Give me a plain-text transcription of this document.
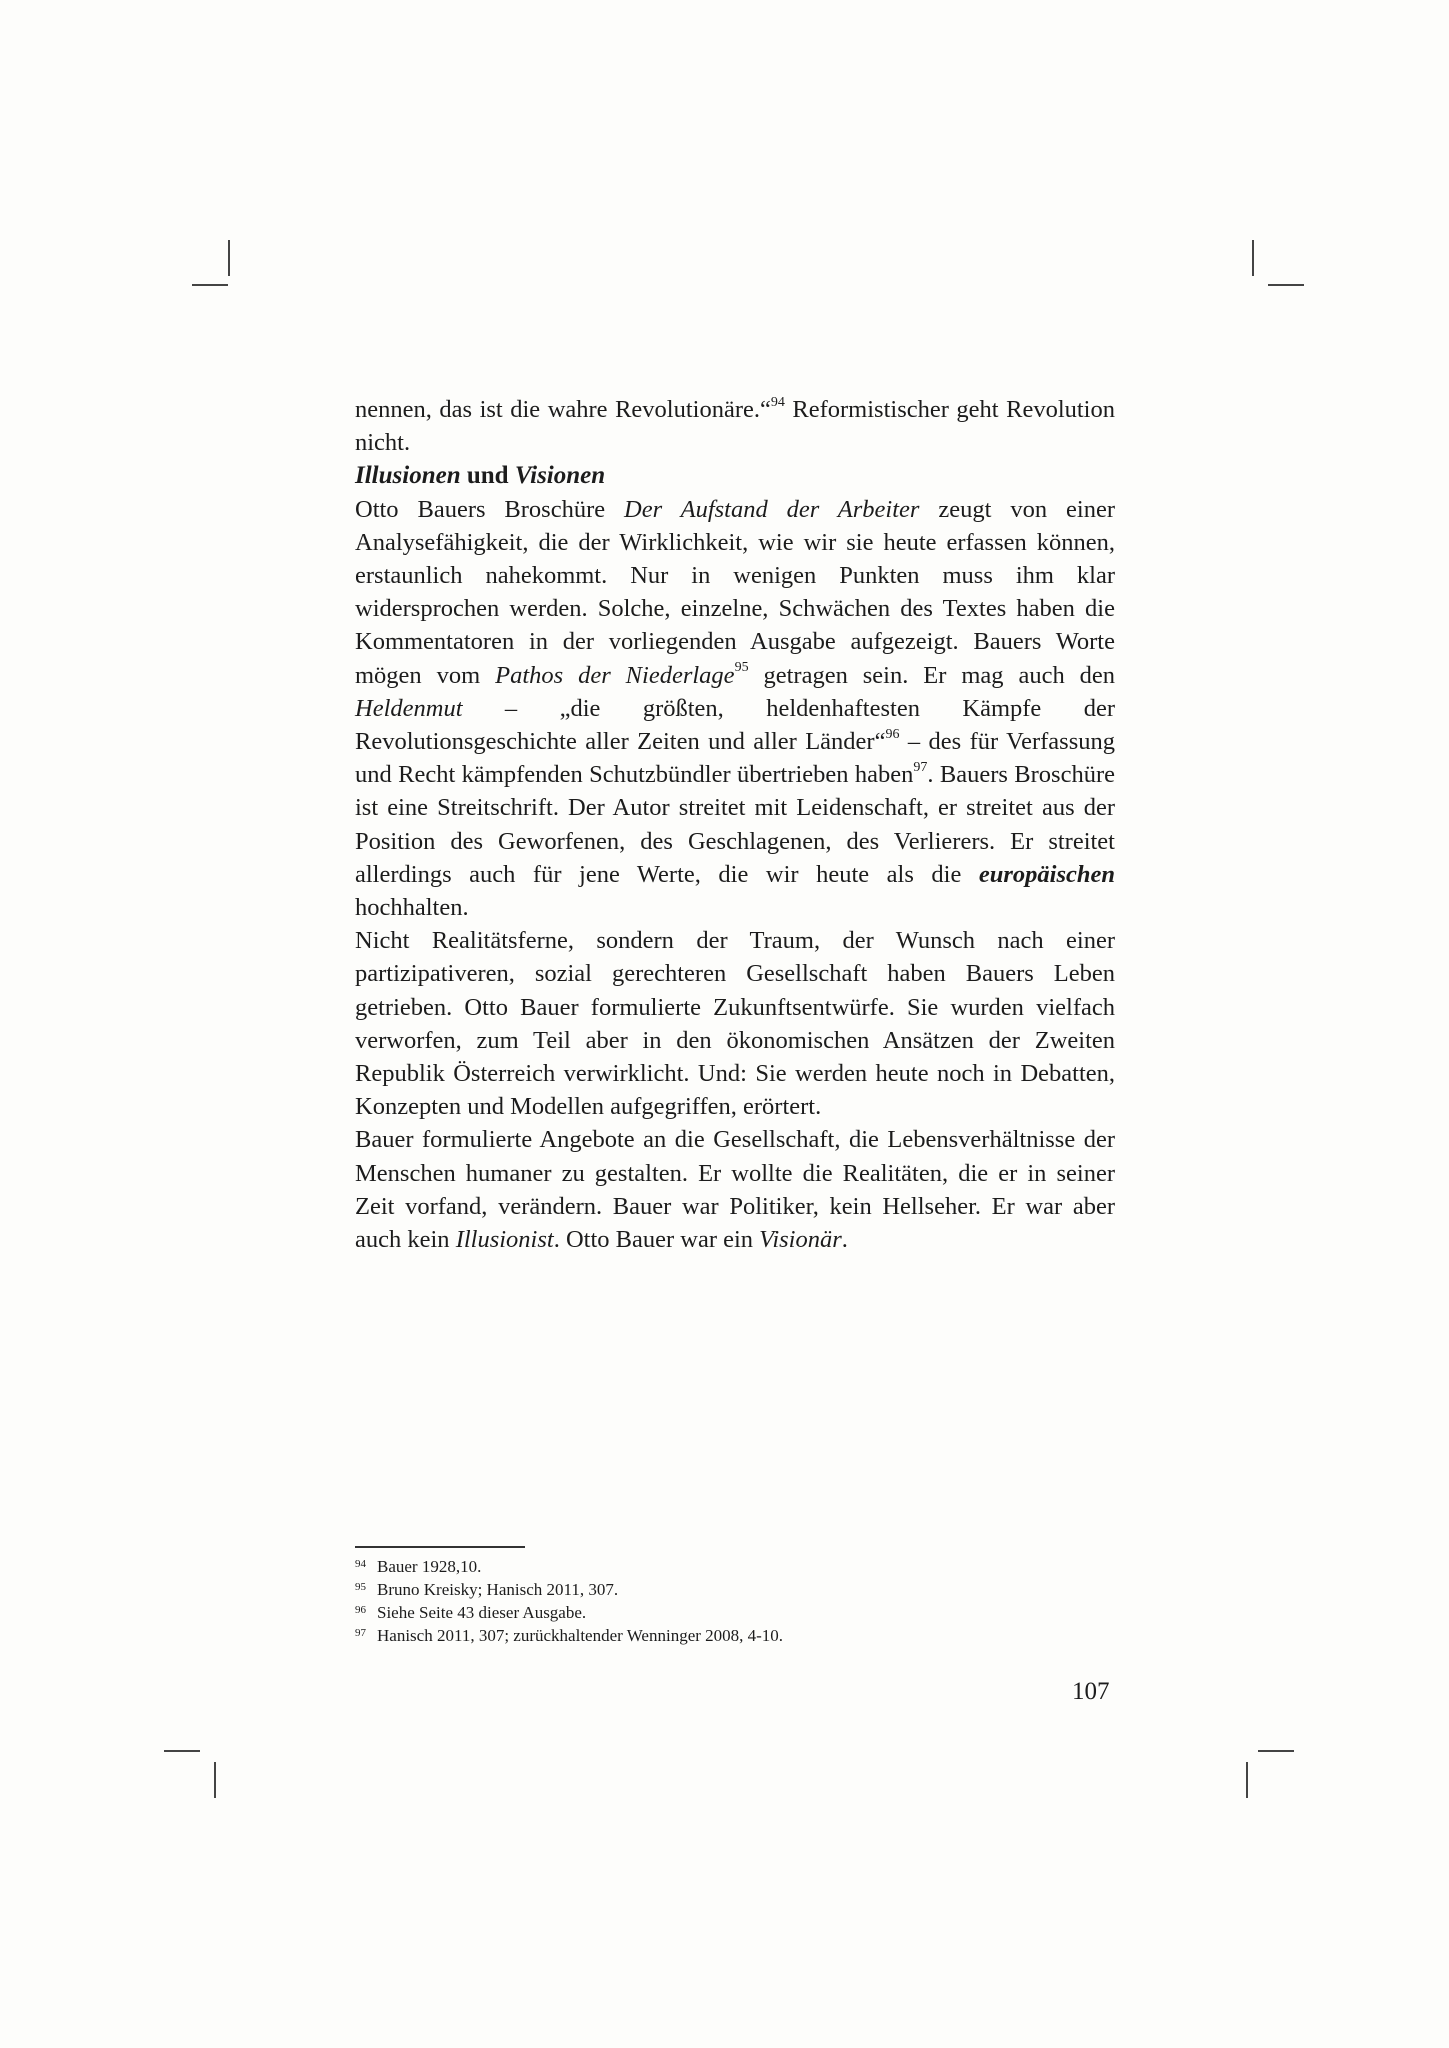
nennen, das ist die wahre Revolutionäre.“$^{94}$ Reformistischer geht Revolution nicht.

Illusionen und Visionen

Otto Bauers Broschüre Der Aufstand der Arbeiter zeugt von einer Analysefähigkeit, die der Wirklichkeit, wie wir sie heute erfassen können, erstaunlich nahekommt. Nur in wenigen Punkten muss ihm klar widersprochen werden. Solche, einzelne, Schwächen des Textes haben die Kommentatoren in der vorliegenden Ausgabe aufgezeigt. Bauers Worte mögen vom Pathos der Niederlage$^{95}$ getragen sein. Er mag auch den Heldenmut – „die größten, heldenhaftesten Kämpfe der Revolutionsgeschichte aller Zeiten und aller Länder“$^{96}$ – des für Verfassung und Recht kämpfenden Schutzbündler übertrieben haben$^{97}$. Bauers Broschüre ist eine Streitschrift. Der Autor streitet mit Leidenschaft, er streitet aus der Position des Geworfenen, des Geschlagenen, des Verlierers. Er streitet allerdings auch für jene Werte, die wir heute als die europäischen hochhalten.

Nicht Realitätsferne, sondern der Traum, der Wunsch nach einer partizipativeren, sozial gerechteren Gesellschaft haben Bauers Leben getrieben. Otto Bauer formulierte Zukunftsentwürfe. Sie wurden vielfach verworfen, zum Teil aber in den ökonomischen Ansätzen der Zweiten Republik Österreich verwirklicht. Und: Sie werden heute noch in Debatten, Konzepten und Modellen aufgegriffen, erörtert.

Bauer formulierte Angebote an die Gesellschaft, die Lebensverhältnisse der Menschen humaner zu gestalten. Er wollte die Realitäten, die er in seiner Zeit vorfand, verändern. Bauer war Politiker, kein Hellseher. Er war aber auch kein Illusionist. Otto Bauer war ein Visionär.

94 Bauer 1928,10.
95 Bruno Kreisky; Hanisch 2011, 307.
96 Siehe Seite 43 dieser Ausgabe.
97 Hanisch 2011, 307; zurückhaltender Wenninger 2008, 4-10.
107
